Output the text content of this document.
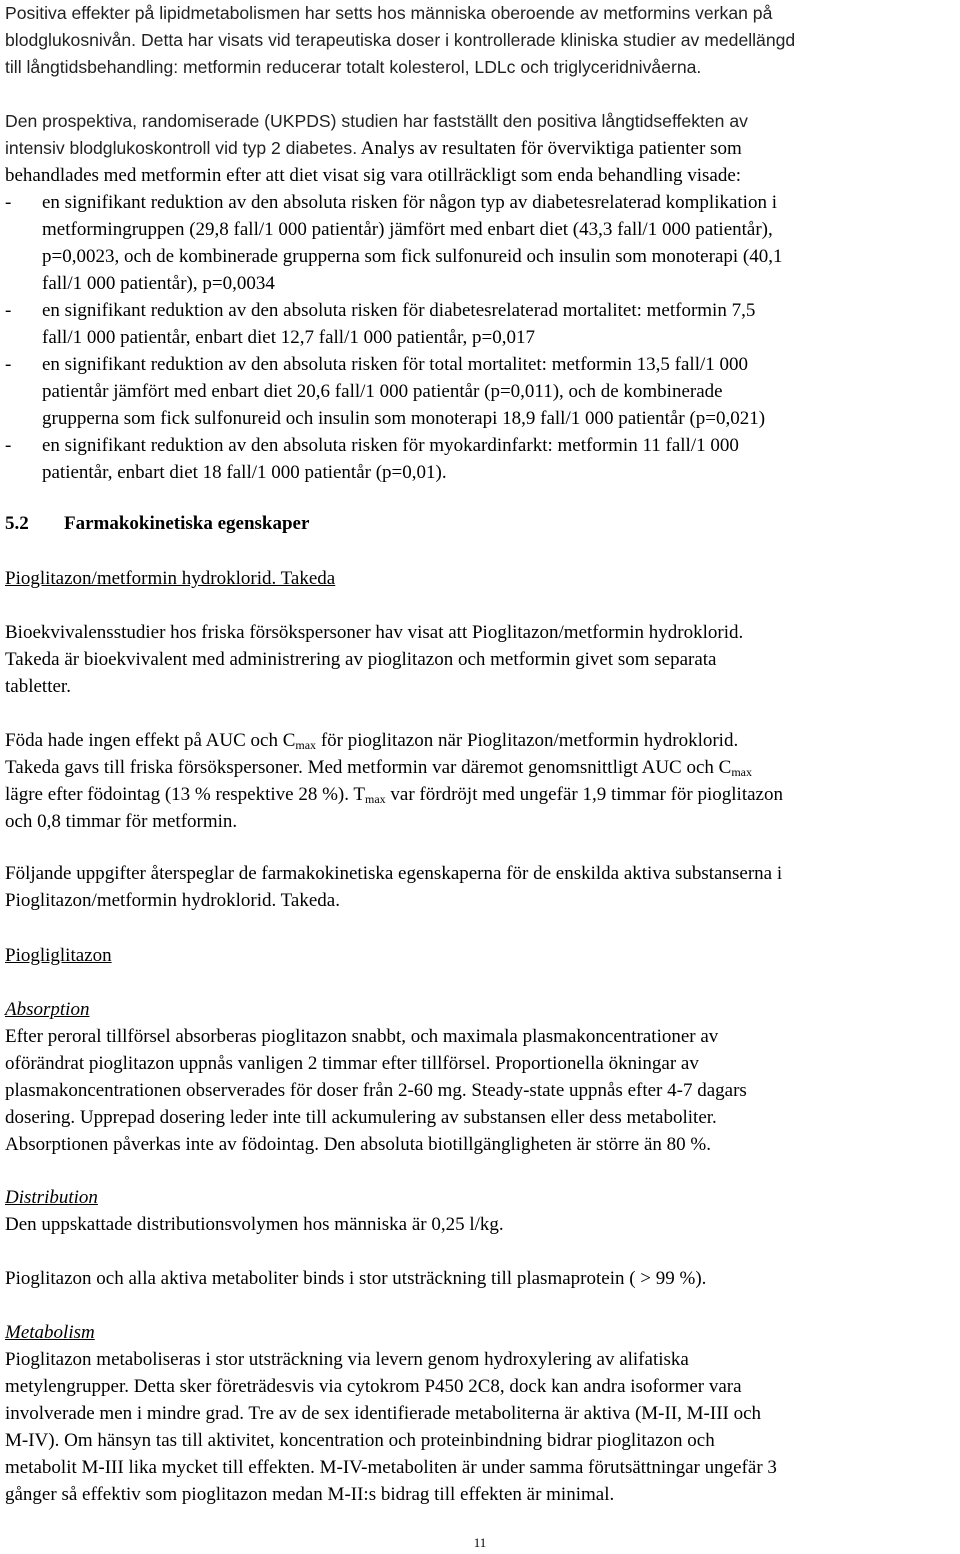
Positiva effekter på lipidmetabolismen har setts hos människa oberoende av metformins verkan på
blodglukosnivån. Detta har visats vid terapeutiska doser i kontrollerade kliniska studier av medellängd
till långtidsbehandling: metformin reducerar totalt kolesterol, LDLc och triglyceridnivåerna.
Den prospektiva, randomiserade (UKPDS) studien har fastställt den positiva långtidseffekten av
intensiv blodglukoskontroll vid typ 2 diabetes. Analys av resultaten för överviktiga patienter som
behandlades med metformin efter att diet visat sig vara otillräckligt som enda behandling visade:
- en signifikant reduktion av den absoluta risken för någon typ av diabetesrelaterad komplikation i
metformingruppen (29,8 fall/1 000 patientår) jämfört med enbart diet (43,3 fall/1 000 patientår),
p=0,0023, och de kombinerade grupperna som fick sulfonureid och insulin som monoterapi (40,1
fall/1 000 patientår), p=0,0034
- en signifikant reduktion av den absoluta risken för diabetesrelaterad mortalitet: metformin 7,5
fall/1 000 patientår, enbart diet 12,7 fall/1 000 patientår, p=0,017
- en signifikant reduktion av den absoluta risken för total mortalitet: metformin 13,5 fall/1 000
patientår jämfört med enbart diet 20,6 fall/1 000 patientår (p=0,011), och de kombinerade
grupperna som fick sulfonureid och insulin som monoterapi 18,9 fall/1 000 patientår (p=0,021)
- en signifikant reduktion av den absoluta risken för myokardinfarkt: metformin 11 fall/1 000
patientår, enbart diet 18 fall/1 000 patientår (p=0,01).
5.2 Farmakokinetiska egenskaper
Pioglitazon/metformin hydroklorid. Takeda
Bioekvivalensstudier hos friska försökspersoner hav visat att Pioglitazon/metformin hydroklorid.
Takeda är bioekvivalent med administrering av pioglitazon och metformin givet som separata
tabletter.
Föda hade ingen effekt på AUC och $C_{max}$ för pioglitazon när Pioglitazon/metformin hydroklorid.
Takeda gavs till friska försökspersoner. Med metformin var däremot genomsnittligt AUC och $C_{max}$
lägre efter födointag (13 % respektive 28 %). $T_{max}$ var fördröjt med ungefär 1,9 timmar för pioglitazon
och 0,8 timmar för metformin.
Följande uppgifter återspeglar de farmakokinetiska egenskaperna för de enskilda aktiva substanserna i
Pioglitazon/metformin hydroklorid. Takeda.
Piogliglitazon
Absorption
Efter peroral tillförsel absorberas pioglitazon snabbt, och maximala plasmakoncentrationer av
oförändrat pioglitazon uppnås vanligen 2 timmar efter tillförsel. Proportionella ökningar av
plasmakoncentrationen observerades för doser från 2-60 mg. Steady-state uppnås efter 4-7 dagars
dosering. Upprepad dosering leder inte till ackumulering av substansen eller dess metaboliter.
Absorptionen påverkas inte av födointag. Den absoluta biotillgängligheten är större än 80 %.
Distribution
Den uppskattade distributionsvolymen hos människa är 0,25 l/kg.
Pioglitazon och alla aktiva metaboliter binds i stor utsträckning till plasmaprotein ( > 99 %).
Metabolism
Pioglitazon metaboliseras i stor utsträckning via levern genom hydroxylering av alifatiska
metylengrupper. Detta sker företrädesvis via cytokrom P450 2C8, dock kan andra isoformer vara
involverade men i mindre grad. Tre av de sex identifierade metaboliterna är aktiva (M-II, M-III och
M-IV). Om hänsyn tas till aktivitet, koncentration och proteinbindning bidrar pioglitazon och
metabolit M-III lika mycket till effekten. M-IV-metaboliten är under samma förutsättningar ungefär 3
gånger så effektiv som pioglitazon medan M-II:s bidrag till effekten är minimal.
11
